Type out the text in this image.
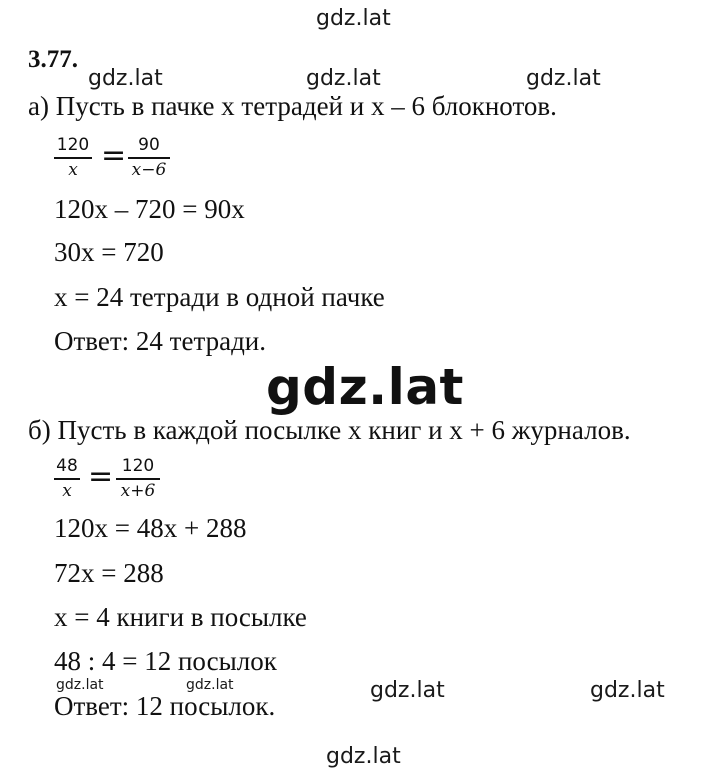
gdz.lat
gdz.lat	gdz.lat	gdz.lat
gdz.lat
gdz.lat	gdz.lat	gdz.lat	gdz.lat
gdz.lat
3.77.
а) Пусть в пачке х тетрадей и х – 6 блокнотов.
120
x = 90
x−6
120х – 720 = 90х
30х = 720
х = 24 тетради в одной пачке
Ответ: 24 тетради.
б) Пусть в каждой посылке х книг и х + 6 журналов.
48
x = 120
x+6
120х = 48х + 288
72х = 288
х = 4 книги в посылке
48 : 4 = 12 посылок
Ответ: 12 посылок.
